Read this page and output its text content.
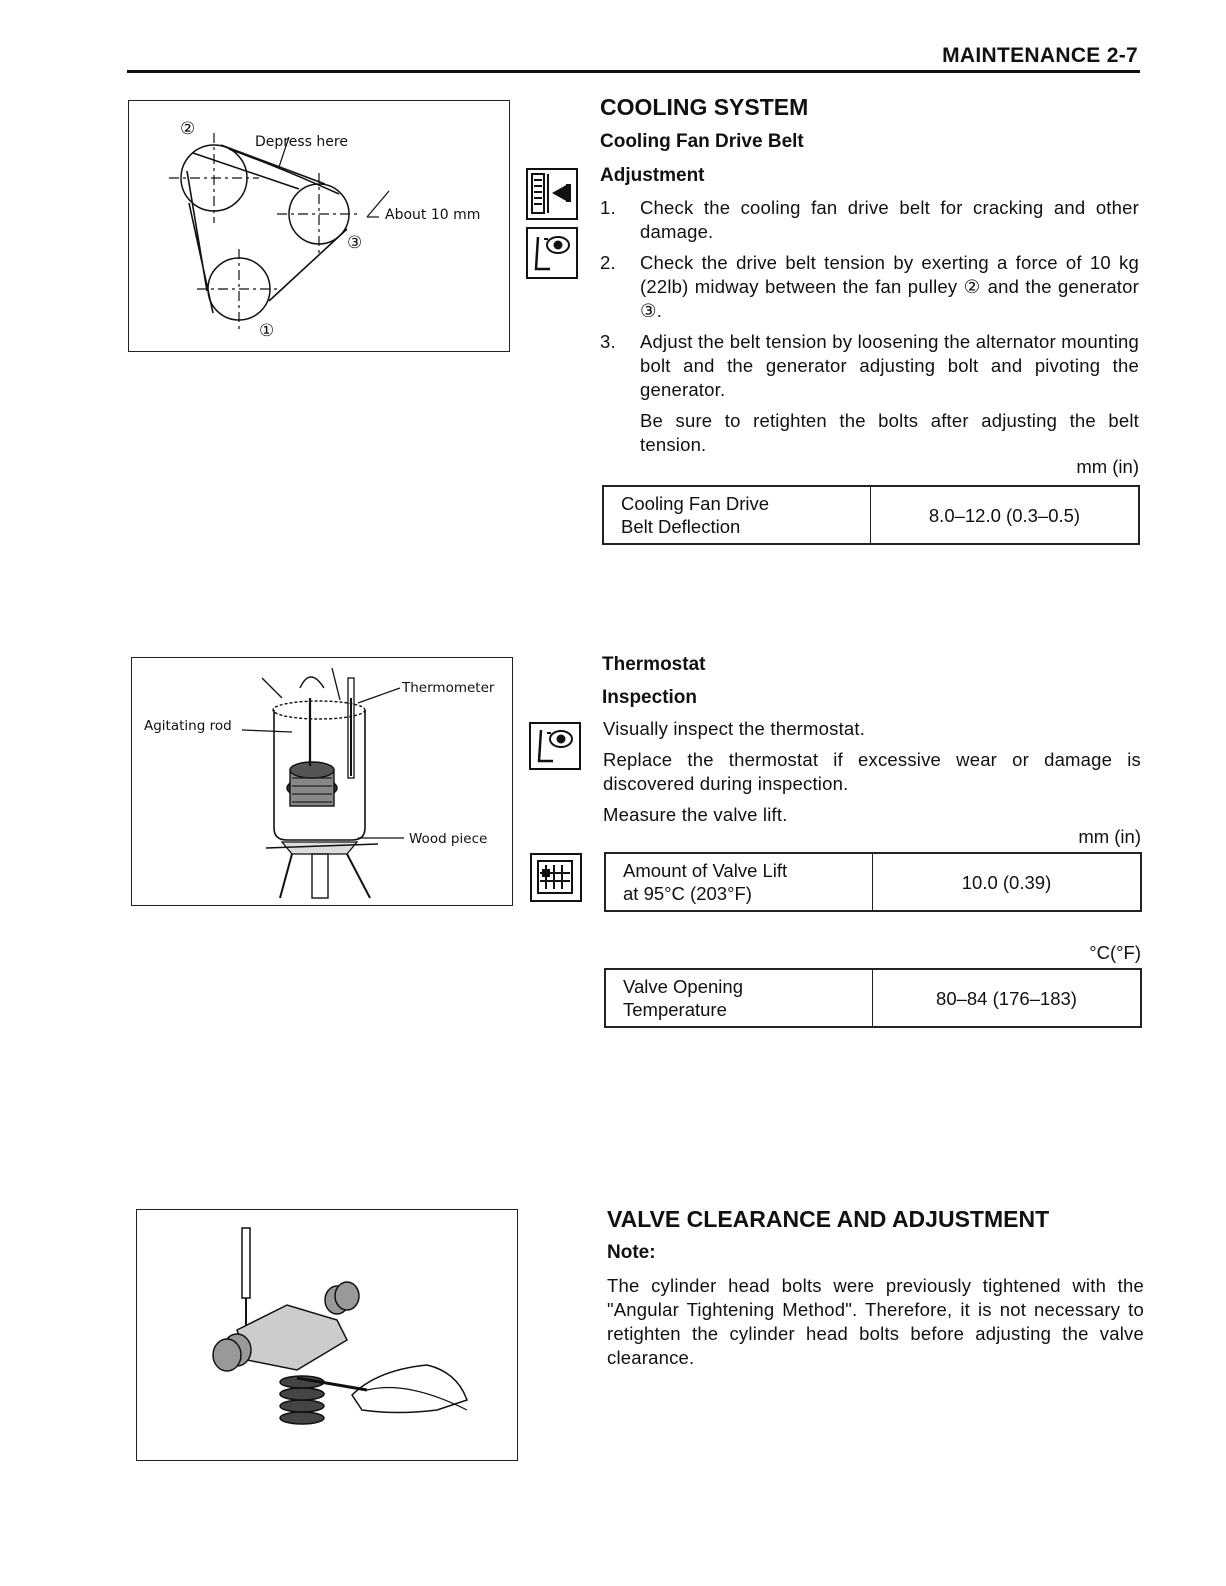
MAINTENANCE 2-7
②
③
①
Depress here
About 10 mm
COOLING SYSTEM
Cooling Fan Drive Belt
Adjustment
1. Check the cooling fan drive belt for cracking and other damage.
2. Check the drive belt tension by exerting a force of 10 kg (22lb) midway between the fan pulley ② and the generator ③.
3. Adjust the belt tension by loosening the alternator mounting bolt and the generator adjusting bolt and pivoting the generator.
Be sure to retighten the bolts after adjusting the belt tension.
mm (in)
Cooling Fan Drive
Belt Deflection
	8.0–12.0 (0.3–0.5)
Thermometer
Agitating rod
Wood piece
Thermostat
Inspection
Visually inspect the thermostat.
Replace the thermostat if excessive wear or damage is discovered during inspection.
Measure the valve lift.
mm (in)
Amount of Valve Lift
at 95°C (203°F)
	10.0 (0.39)
°C(°F)
Valve Opening
Temperature
	80–84 (176–183)
VALVE CLEARANCE AND ADJUSTMENT
Note:
The cylinder head bolts were previously tightened with the "Angular Tightening Method". Therefore, it is not necessary to retighten the cylinder head bolts before adjusting the valve clearance.
